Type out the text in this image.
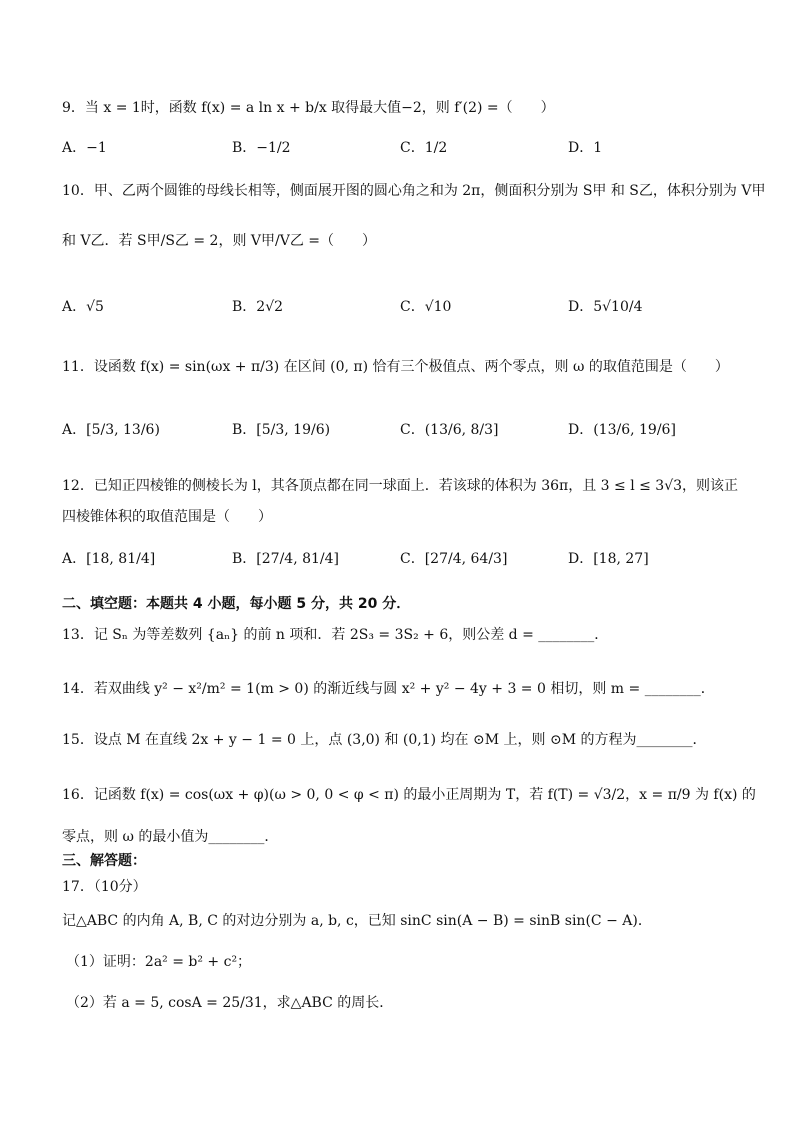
9．当 x = 1时，函数 f(x) = a ln x + b/x 取得最大值−2，则 f′(2) =（　　）
A．−1	B．−1/2	C．1/2	D．1
10．甲、乙两个圆锥的母线长相等，侧面展开图的圆心角之和为 2π，侧面积分别为 S甲 和 S乙，体积分别为 V甲
和 V乙．若 S甲/S乙 = 2，则 V甲/V乙 =（　　）
A．√5	B．2√2	C．√10	D．5√10/4
11．设函数 f(x) = sin(ωx + π/3) 在区间 (0, π) 恰有三个极值点、两个零点，则 ω 的取值范围是（　　）
A．[5/3, 13/6)	B．[5/3, 19/6)	C．(13/6, 8/3]	D．(13/6, 19/6]
12．已知正四棱锥的侧棱长为 l，其各顶点都在同一球面上．若该球的体积为 36π，且 3 ≤ l ≤ 3√3，则该正
四棱锥体积的取值范围是（　　）
A．[18, 81/4]	B．[27/4, 81/4]	C．[27/4, 64/3]	D．[18, 27]
二、填空题：本题共 4 小题，每小题 5 分，共 20 分．
13．记 Sₙ 为等差数列 {aₙ} 的前 n 项和．若 2S₃ = 3S₂ + 6，则公差 d = ________．
14．若双曲线 y² − x²/m² = 1(m > 0) 的渐近线与圆 x² + y² − 4y + 3 = 0 相切，则 m = ________．
15．设点 M 在直线 2x + y − 1 = 0 上，点 (3,0) 和 (0,1) 均在 ⊙M 上，则 ⊙M 的方程为________．
16．记函数 f(x) = cos(ωx + φ)(ω > 0, 0 < φ < π) 的最小正周期为 T，若 f(T) = √3/2，x = π/9 为 f(x) 的
零点，则 ω 的最小值为________．
三、解答题：
17．（10分）
记△ABC 的内角 A, B, C 的对边分别为 a, b, c，已知 sinC sin(A − B) = sinB sin(C − A)．
（1）证明：2a² = b² + c²；
（2）若 a = 5, cosA = 25/31，求△ABC 的周长．
